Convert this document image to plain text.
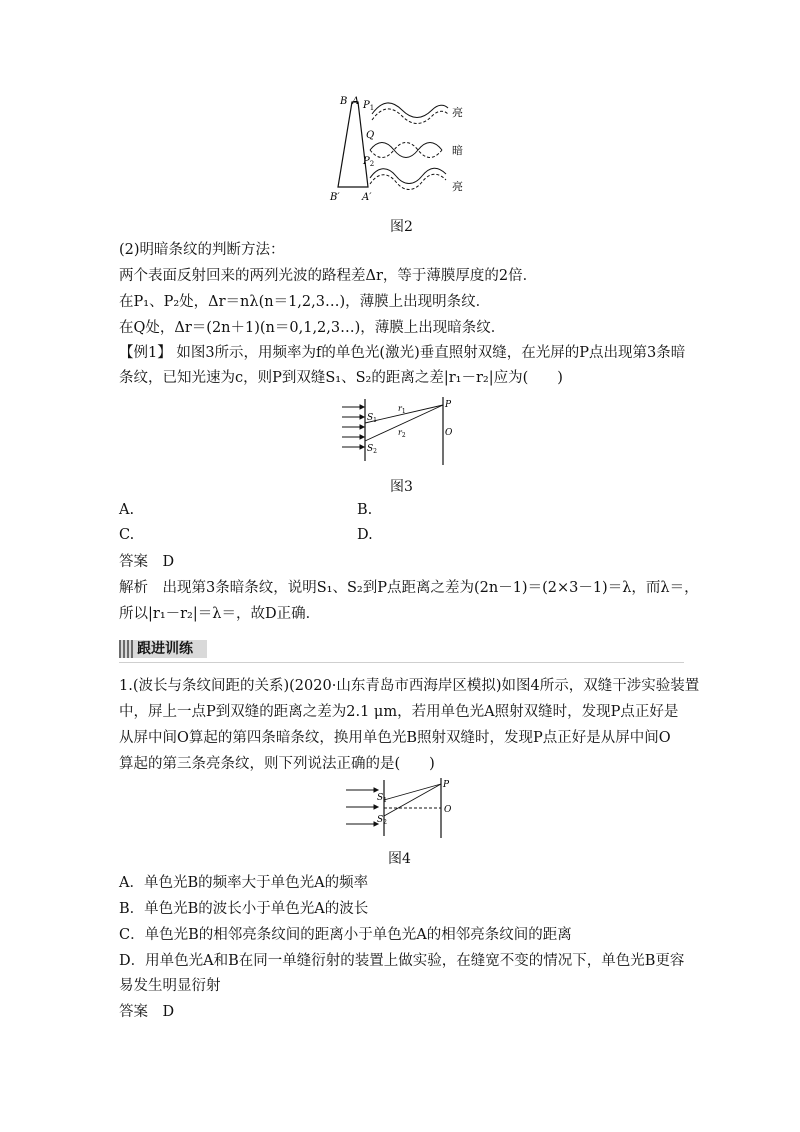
B A $P_1$
Q
$P_2$
B′ A′
亮
暗
亮
图2
(2)明暗条纹的判断方法：
两个表面反射回来的两列光波的路程差Δr，等于薄膜厚度的2倍．
在P₁、P₂处，Δr＝nλ(n＝1,2,3…)，薄膜上出现明条纹．
在Q处，Δr＝(2n＋1)(n＝0,1,2,3…)，薄膜上出现暗条纹．
【例1】 如图3所示，用频率为f的单色光(激光)垂直照射双缝，在光屏的P点出现第3条暗
条纹，已知光速为c，则P到双缝S₁、S₂的距离之差|r₁－r₂|应为(　　)
$S_1$
$S_2$
$r_1$
$r_2$
P
O
图3
A.	B.
C.	D.
答案　D
解析　出现第3条暗条纹，说明S₁、S₂到P点距离之差为(2n－1)＝(2×3－1)＝λ，而λ＝，
所以|r₁－r₂|＝λ＝，故D正确．
跟进训练
1.(波长与条纹间距的关系)(2020·山东青岛市西海岸区模拟)如图4所示，双缝干涉实验装置
中，屏上一点P到双缝的距离之差为2.1 μm，若用单色光A照射双缝时，发现P点正好是
从屏中间O算起的第四条暗条纹，换用单色光B照射双缝时，发现P点正好是从屏中间O
算起的第三条亮条纹，则下列说法正确的是(　　)
$S_1$
$S_2$
P
O
图4
A．单色光B的频率大于单色光A的频率
B．单色光B的波长小于单色光A的波长
C．单色光B的相邻亮条纹间的距离小于单色光A的相邻亮条纹间的距离
D．用单色光A和B在同一单缝衍射的装置上做实验，在缝宽不变的情况下，单色光B更容
易发生明显衍射
答案　D
